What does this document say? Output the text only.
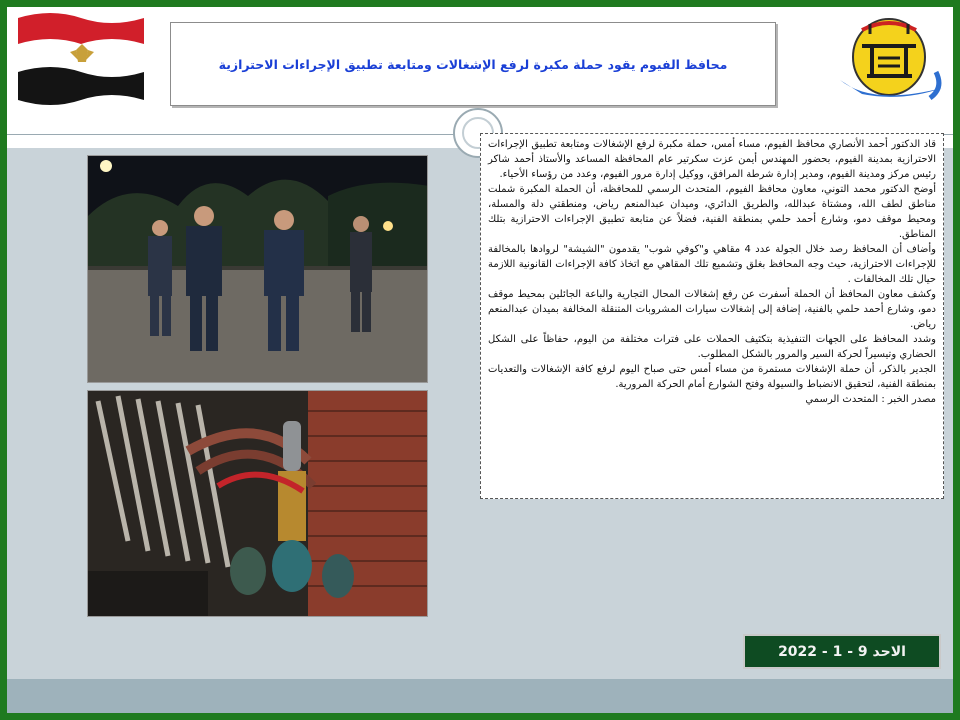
محافظ الفيوم يقود حملة مكبرة لرفع الإشغالات ومتابعة تطبيق الإجراءات الاحترازية

قاد الدكتور أحمد الأنصاري محافظ الفيوم، مساء أمس، حملة مكبرة لرفع الإشغالات ومتابعة تطبيق الإجراءات الاحترازية بمدينة الفيوم، بحضور المهندس أيمن عزت سكرتير عام المحافظة المساعد والأستاذ أحمد شاكر رئيس مركز ومدينة الفيوم، ومدير إدارة شرطة المرافق، ووكيل إدارة مرور الفيوم، وعدد من رؤساء الأحياء.

أوضح الدكتور محمد التوني، معاون محافظ الفيوم، المتحدث الرسمي للمحافظة، أن الحملة المكبرة شملت مناطق لطف الله، ومشتاة عبدالله، والطريق الدائري، وميدان عبدالمنعم رياض، ومنطقتي دلة والمسلة، ومحيط موقف دمو، وشارع أحمد حلمي بمنطقة الفنية، فضلاً عن متابعة تطبيق الإجراءات الاحترازية بتلك المناطق.

وأضاف أن المحافظ رصد خلال الجولة عدد 4 مقاهي و"كوفي شوب" يقدمون "الشيشة" لروادها بالمخالفة للإجراءات الاحترازية، حيث وجه المحافظ بغلق وتشميع تلك المقاهي مع اتخاذ كافة الإجراءات القانونية اللازمة حيال تلك المخالفات .

وكشف معاون المحافظ أن الحملة أسفرت عن رفع إشغالات المحال التجارية والباعة الجائلين بمحيط موقف دمو، وشارع أحمد حلمي بالفنية، إضافة إلى إشغالات سيارات المشروبات المتنقلة المخالفة بميدان عبدالمنعم رياض.

وشدد المحافظ على الجهات التنفيذية بتكثيف الحملات على فترات مختلفة من اليوم، حفاظاً على الشكل الحضاري وتيسيراً لحركة السير والمرور بالشكل المطلوب.

الجدير بالذكر، أن حملة الإشغالات مستمرة من مساء أمس حتى صباح اليوم لرفع كافة الإشغالات والتعديات بمنطقة الفنية، لتحقيق الانضباط والسيولة وفتح الشوارع أمام الحركة المرورية.

مصدر الخبر : المتحدث الرسمي

الاحد 9 - 1 - 2022
